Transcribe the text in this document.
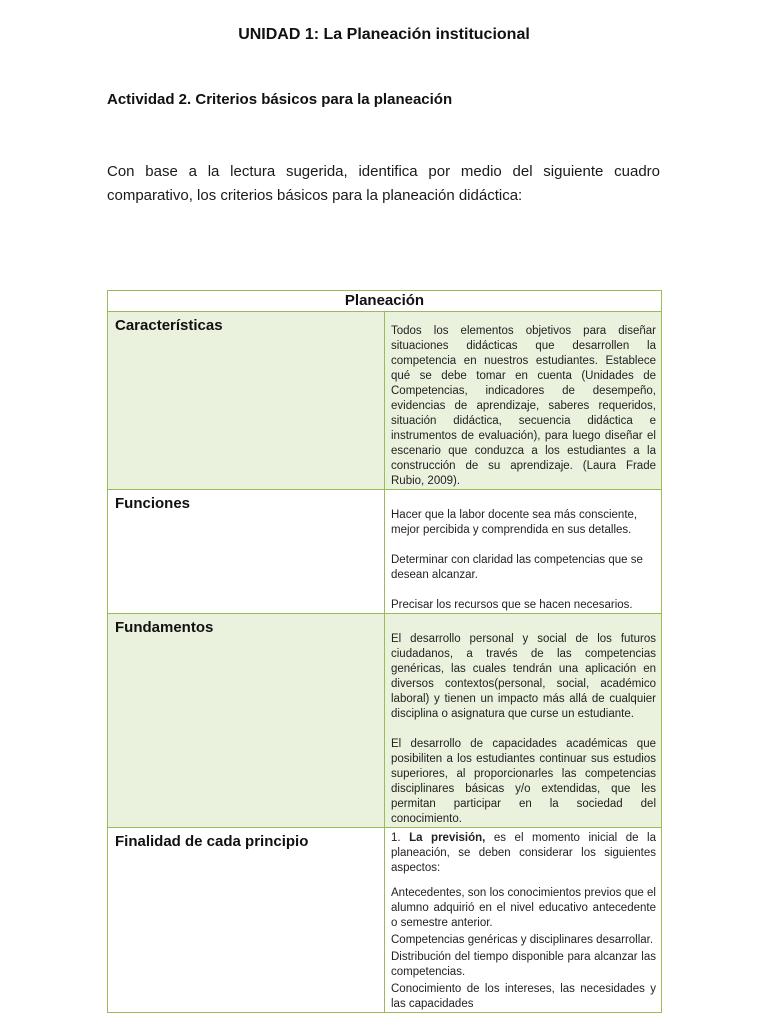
UNIDAD 1: La Planeación institucional
Actividad 2. Criterios básicos para la planeación
Con base a la lectura sugerida, identifica por medio del siguiente cuadro comparativo, los criterios básicos para la planeación didáctica:
Planeación	
Características	Todos los elementos objetivos para diseñar situaciones didácticas que desarrollen la competencia en nuestros estudiantes. Establece qué se debe tomar en cuenta (Unidades de Competencias, indicadores de desempeño, evidencias de aprendizaje, saberes requeridos, situación didáctica, secuencia didáctica e instrumentos de evaluación), para luego diseñar el escenario que conduzca a los estudiantes a la construcción de su aprendizaje. (Laura Frade Rubio, 2009).

Funciones	Hacer que la labor docente sea más consciente, mejor percibida y comprendida en sus detalles.

Determinar con claridad las competencias que se desean alcanzar.

Precisar los recursos que se hacen necesarios.

Fundamentos	El desarrollo personal y social de los futuros ciudadanos, a través de las competencias genéricas, las cuales tendrán una aplicación en diversos contextos(personal, social, académico laboral) y tienen un impacto más allá de cualquier disciplina o asignatura que curse un estudiante.

El desarrollo de capacidades académicas que posibiliten a los estudiantes continuar sus estudios superiores, al proporcionarles las competencias disciplinares básicas y/o extendidas, que les permitan participar en la sociedad del conocimiento.

Finalidad de cada principio	1. La previsión, es el momento inicial de la planeación, se deben considerar los siguientes aspectos:

Antecedentes, son los conocimientos previos que el alumno adquirió en el nivel educativo antecedente o semestre anterior.

Competencias genéricas y disciplinares desarrollar.

Distribución del tiempo disponible para alcanzar las competencias.

Conocimiento de los intereses, las necesidades y las capacidades
